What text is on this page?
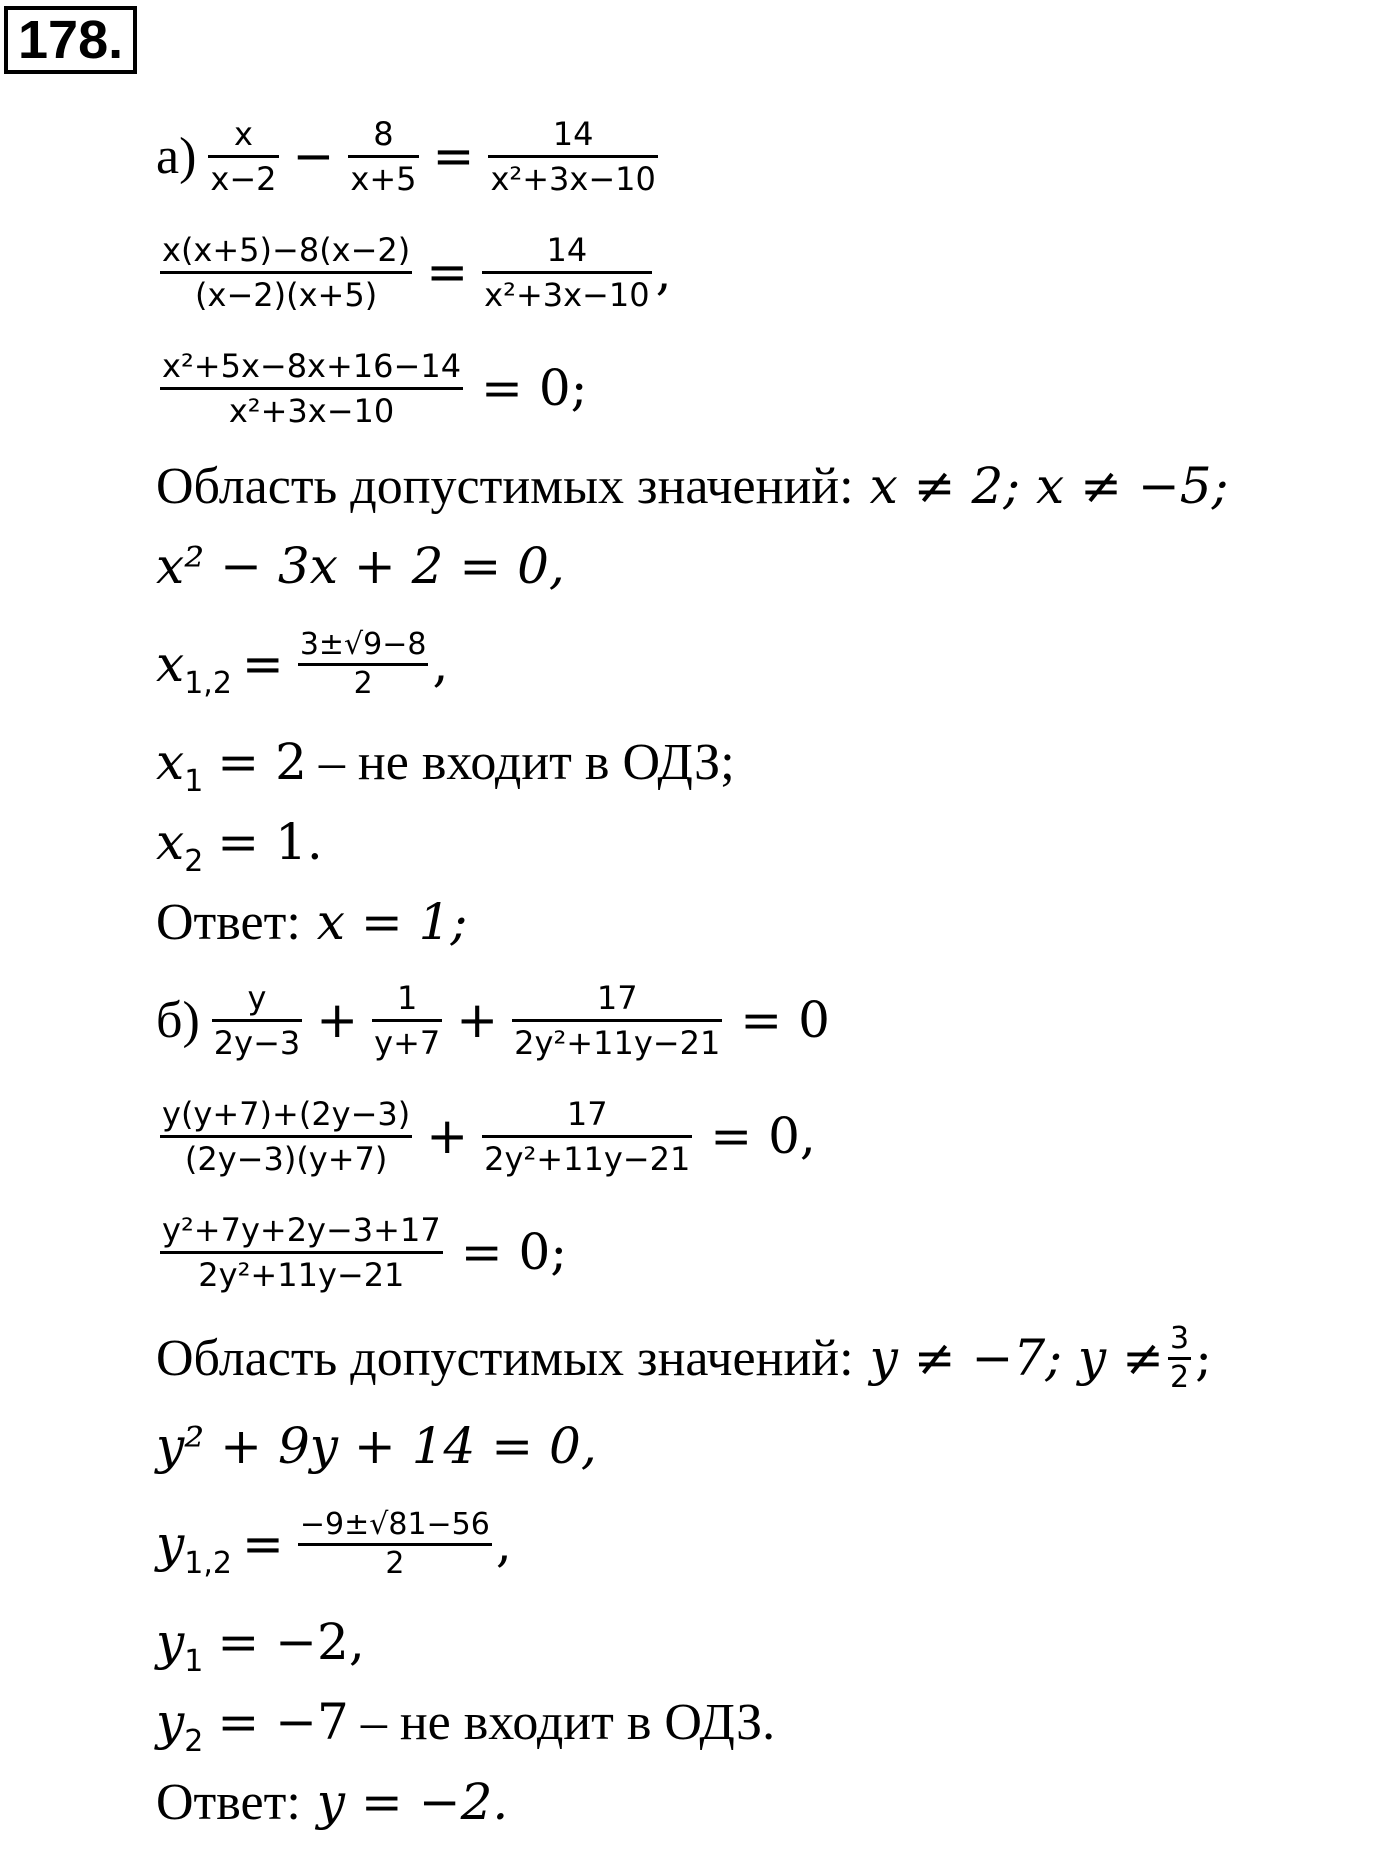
178.
$а) \frac{x}{x-2} - \frac{8}{x+5} = \frac{14}{\text{x²+3x−10}}$
$\frac{x(x+5)-8(x-2)}{(x-2)(x+5)} = \frac{14}{\text{x²+3x−10}}$ ,
$\frac{\text{x²+5x−8x+16−14}}{\text{x²+3x−10}} = 0$;
Область допустимых значений: x ≠ 2; x ≠ −5;
x² − 3x + 2 = 0,
$x_{1,2} = \frac{3\pm√9-8}{2}$ ,
$x_1 = 2$ – не входит в ОДЗ;
$x_2 = 1$.
Ответ: x = 1;
$б) \frac{y}{2y-3} + \frac{1}{y+7} + \frac{17}{\text{2y²+11y−21}} = 0$
$\frac{y(y+7)+(2y-3)}{(2y-3)(y+7)} + \frac{17}{\text{2y²+11y−21}} = 0$,
$\frac{\text{y²+7y+2y−3+17}}{\text{2y²+11y−21}} = 0$;
Область допустимых значений: y ≠ −7; $y \ne \frac{3}{2}$ ;
y² + 9y + 14 = 0,
$y_{1,2} = \frac{-9\pm√81-56}{2}$ ,
$y_1 = -2$,
$y_2 = -7$ – не входит в ОДЗ.
Ответ: y = −2.
